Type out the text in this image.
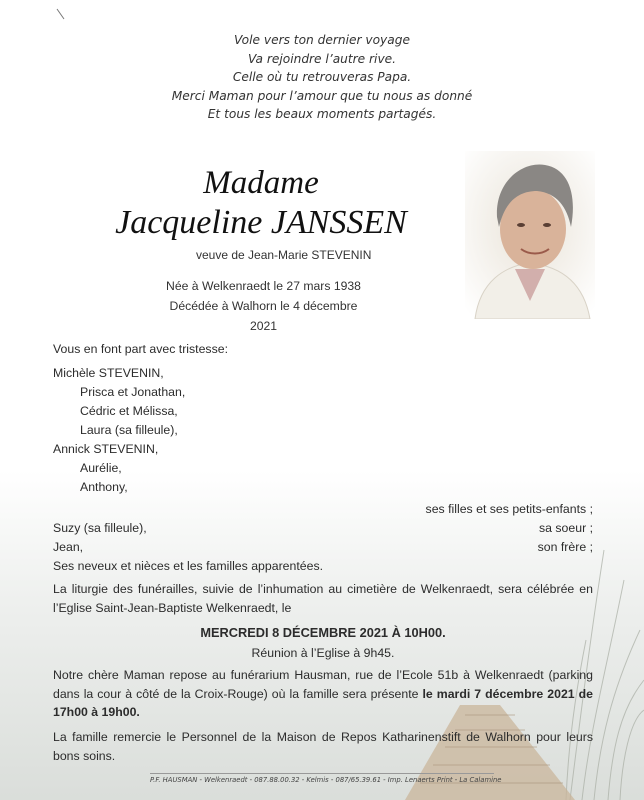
Vole vers ton dernier voyage
Va rejoindre l’autre rive.
Celle où tu retrouveras Papa.
Merci Maman pour l’amour que tu nous as donné
Et tous les beaux moments partagés.
Madame
Jacqueline JANSSEN
veuve de Jean-Marie STEVENIN
Née à Welkenraedt le 27 mars 1938
Décédée à Walhorn le 4 décembre 2021
Vous en font part avec tristesse:
Michèle STEVENIN,
Prisca et Jonathan,
Cédric et Mélissa,
Laura (sa filleule),
Annick STEVENIN,
Aurélie,
Anthony,
ses filles et ses petits-enfants ;
Suzy (sa filleule),	sa soeur ;
Jean,	son frère ;
Ses neveux et nièces et les familles apparentées.
La liturgie des funérailles, suivie de l’inhumation au cimetière de Welkenraedt, sera célébrée en l’Eglise Saint-Jean-Baptiste Welkenraedt, le
MERCREDI 8 DÉCEMBRE 2021 À 10H00.
Réunion à l’Eglise à 9h45.
Notre chère Maman repose au funérarium Hausman, rue de l’Ecole 51b à Welkenraedt (parking dans la cour à côté de la Croix-Rouge) où la famille sera présente le mardi 7 décembre 2021 de 17h00 à 19h00.
La famille remercie le Personnel de la Maison de Repos Katharinenstift de Walhorn pour leurs bons soins.
P.F. HAUSMAN - Welkenraedt - 087.88.00.32 - Kelmis - 087/65.39.61 - Imp. Lenaerts Print - La Calamine
